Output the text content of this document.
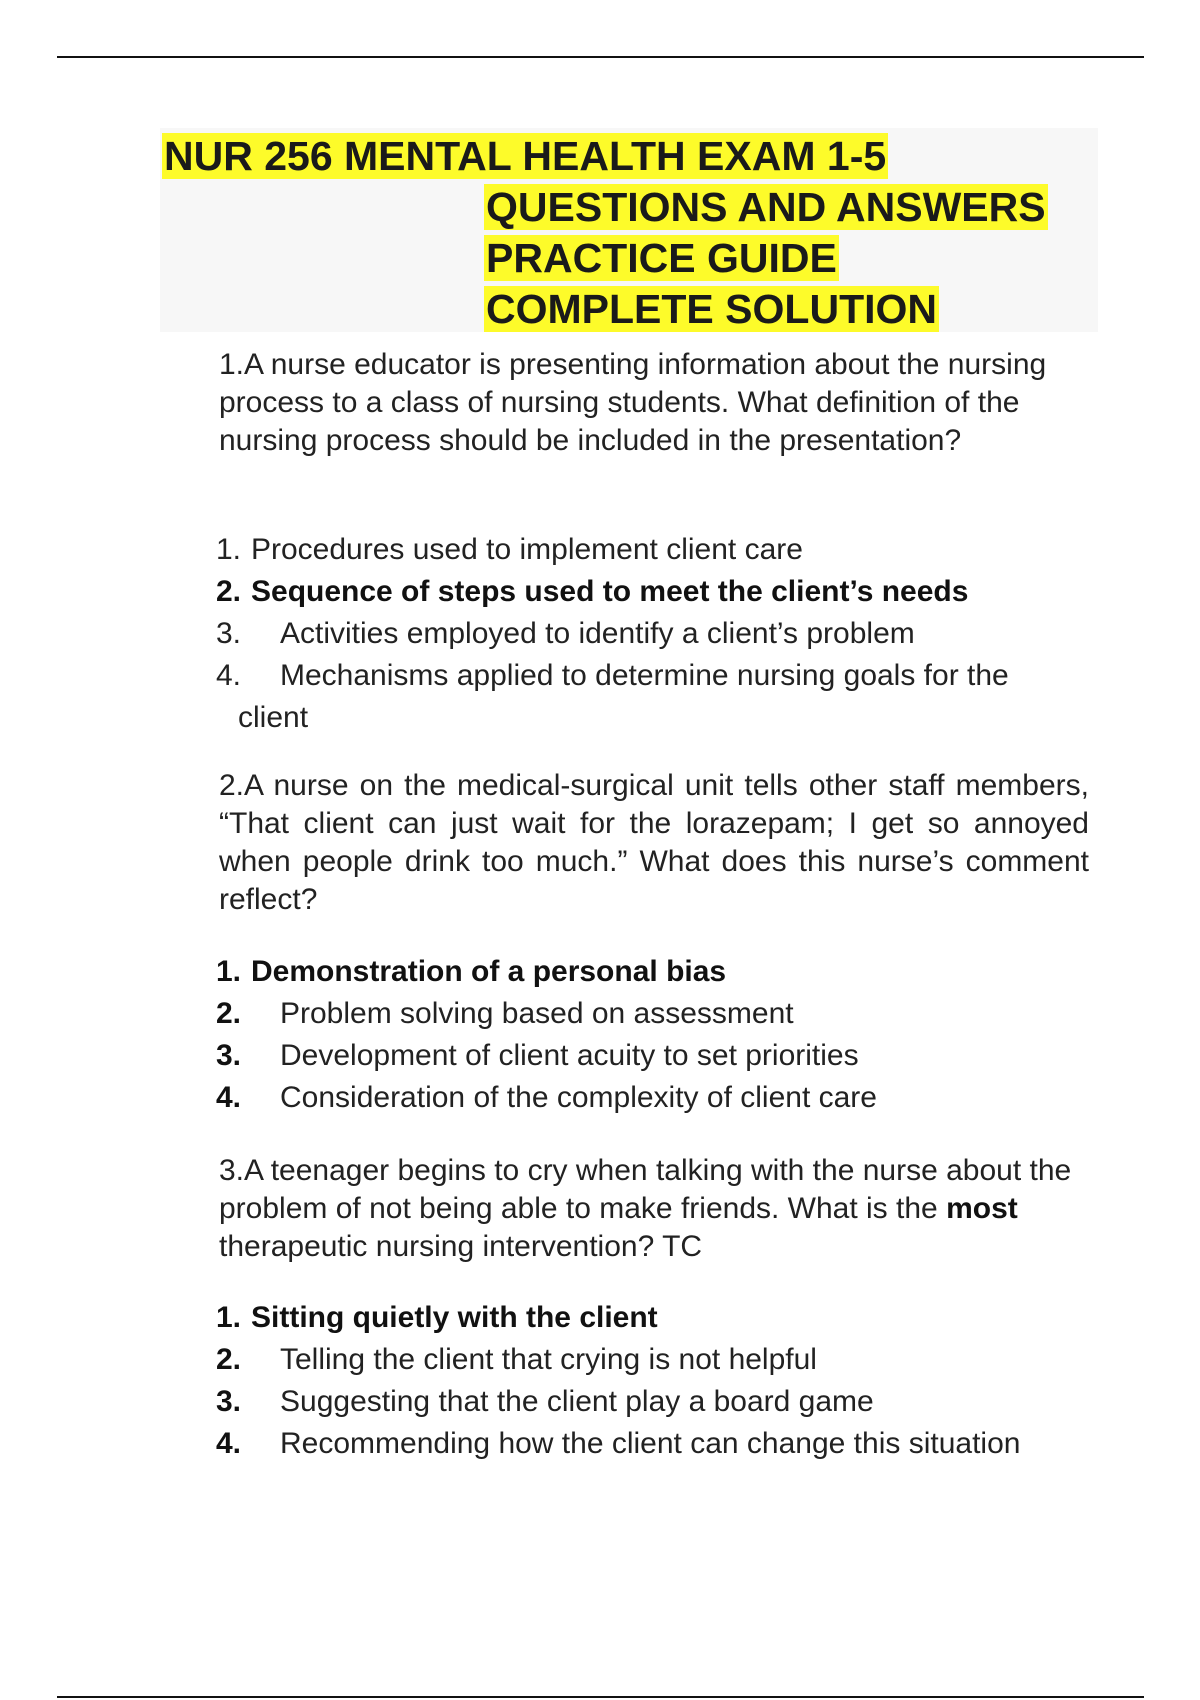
NUR 256 MENTAL HEALTH EXAM 1-5
QUESTIONS AND ANSWERS
PRACTICE GUIDE
COMPLETE SOLUTION
1.A nurse educator is presenting information about the nursing process to a class of nursing students. What definition of the nursing process should be included in the presentation?
1. Procedures used to implement client care
2. Sequence of steps used to meet the client’s needs
3. Activities employed to identify a client’s problem
4. Mechanisms applied to determine nursing goals for the
client
2.A nurse on the medical-surgical unit tells other staff members, “That client can just wait for the lorazepam; I get so annoyed when people drink too much.” What does this nurse’s comment reflect?
1. Demonstration of a personal bias
2. Problem solving based on assessment
3. Development of client acuity to set priorities
4. Consideration of the complexity of client care
3.A teenager begins to cry when talking with the nurse about the problem of not being able to make friends. What is the most therapeutic nursing intervention? TC
1. Sitting quietly with the client
2. Telling the client that crying is not helpful
3. Suggesting that the client play a board game
4. Recommending how the client can change this situation
